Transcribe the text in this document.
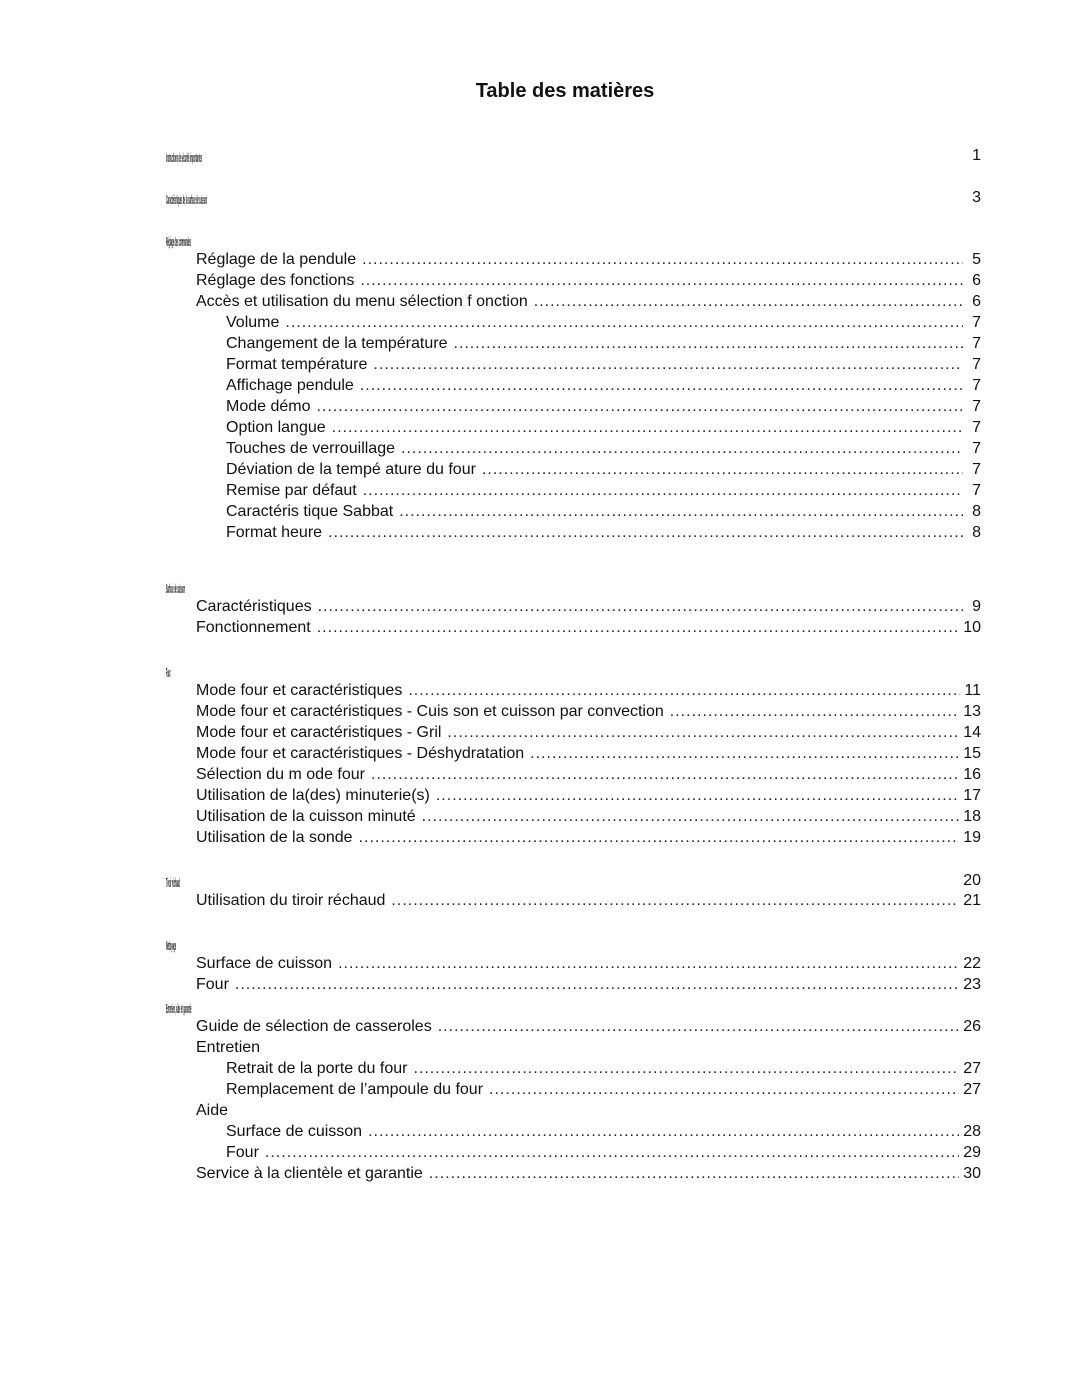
Table des matières
Instructions de sécurité importantes	1
Caractéristiques de la surface de cuisson	3
Réglage des commandes
Réglage de la pendule .....	5
Réglage des fonctions .....	6
Accès et utilisation du menu sélection f onction .....	6
Volume .....	7
Changement de la température .....	7
Format température .....	7
Affichage pendule .....	7
Mode démo .....	7
Option langue .....	7
Touches de verrouillage .....	7
Déviation de la tempé ature du four .....	7
Remise par défaut .....	7
Caractéris tique Sabbat .....	8
Format heure .....	8
Surface de cuisson
Caractéristiques .....	9
Fonctionnement .....	10
Four
Mode four et caractéristiques .....	11
Mode four et caractéristiques - Cuis son et cuisson par convection .....	13
Mode four et caractéristiques - Gril .....	14
Mode four et caractéristiques - Déshydratation .....	15
Sélection du m ode four .....	16
Utilisation de la(des) minuterie(s) .....	17
Utilisation de la cuisson minuté .....	18
Utilisation de la sonde .....	19
Tiroir réchaud	20
Utilisation du tiroir réchaud .....	21
Nettoyage
Surface de cuisson .....	22
Four .....	23
Entretien, aide et garantie
Guide de sélection de casseroles .....	26
Entretien
Retrait de la porte du four .....	27
Remplacement de l’ampoule du four .....	27
Aide
Surface de cuisson .....	28
Four .....	29
Service à la clientèle et garantie .....	30
